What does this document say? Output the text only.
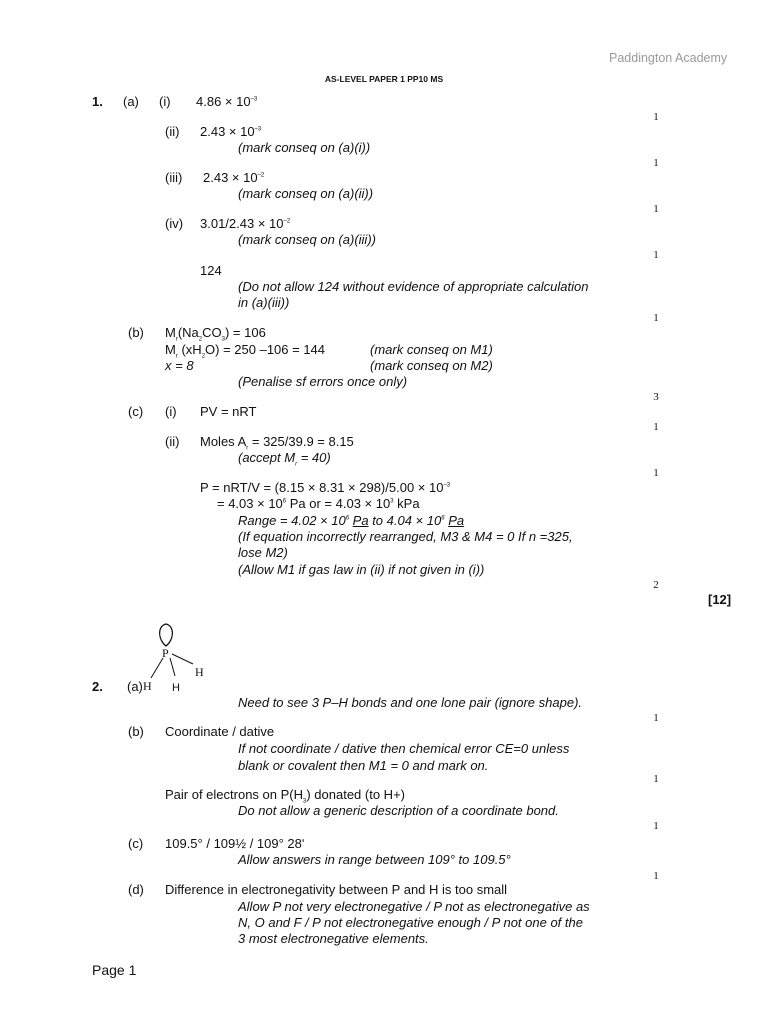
Paddington Academy
AS-LEVEL PAPER 1 PP10 MS
1. (a) (i) $4.86 \times 10^{-3}$
(ii) $2.43 \times 10^{-3}$
(mark conseq on (a)(i))
(iii) $2.43 \times 10^{-2}$
(mark conseq on (a)(ii))
(iv) $3.01/2.43 \times 10^{-2}$
(mark conseq on (a)(iii))
124
(Do not allow 124 without evidence of appropriate calculation
in (a)(iii))
(b) $M_r(Na_2CO_3) = 106$
$M_r$ $(xH_2O) = 250$ –106 = 144	(mark conseq on M1)
x = 8	(mark conseq on M2)
(Penalise sf errors once only)
(c) (i) PV = nRT
(ii) Moles $A_r = 325/39.9 = 8.15$
(accept $M_r = 40$)
$P = nRT/V = (8.15 \times 8.31 \times 298)/5.00 \times 10^{-3}$
= $4.03 \times 10^6$ Pa or = $4.03 \times 10^3$ kPa
Range = $4.02 \times 10^6$ Pa to $4.04 \times 10^6$ Pa
(If equation incorrectly rearranged, M3 & M4 = 0 If n =325,
lose M2)
(Allow M1 if gas law in (ii) if not given in (i))
[12]
P
H
H H
2. (a)
Need to see 3 P–H bonds and one lone pair (ignore shape).
(b) Coordinate / dative
If not coordinate / dative then chemical error CE=0 unless
blank or covalent then M1 = 0 and mark on.
Pair of electrons on $P(H_3)$ donated (to H+)
Do not allow a generic description of a coordinate bond.
(c) 109.5° / 109½ / 109° 28ʹ
Allow answers in range between 109° to 109.5°
(d) Difference in electronegativity between P and H is too small
Allow P not very electronegative / P not as electronegative as
N, O and F / P not electronegative enough / P not one of the
3 most electronegative elements.
1
1
1
1
1
3
1
1
2
1
1
1
1
Page 1
